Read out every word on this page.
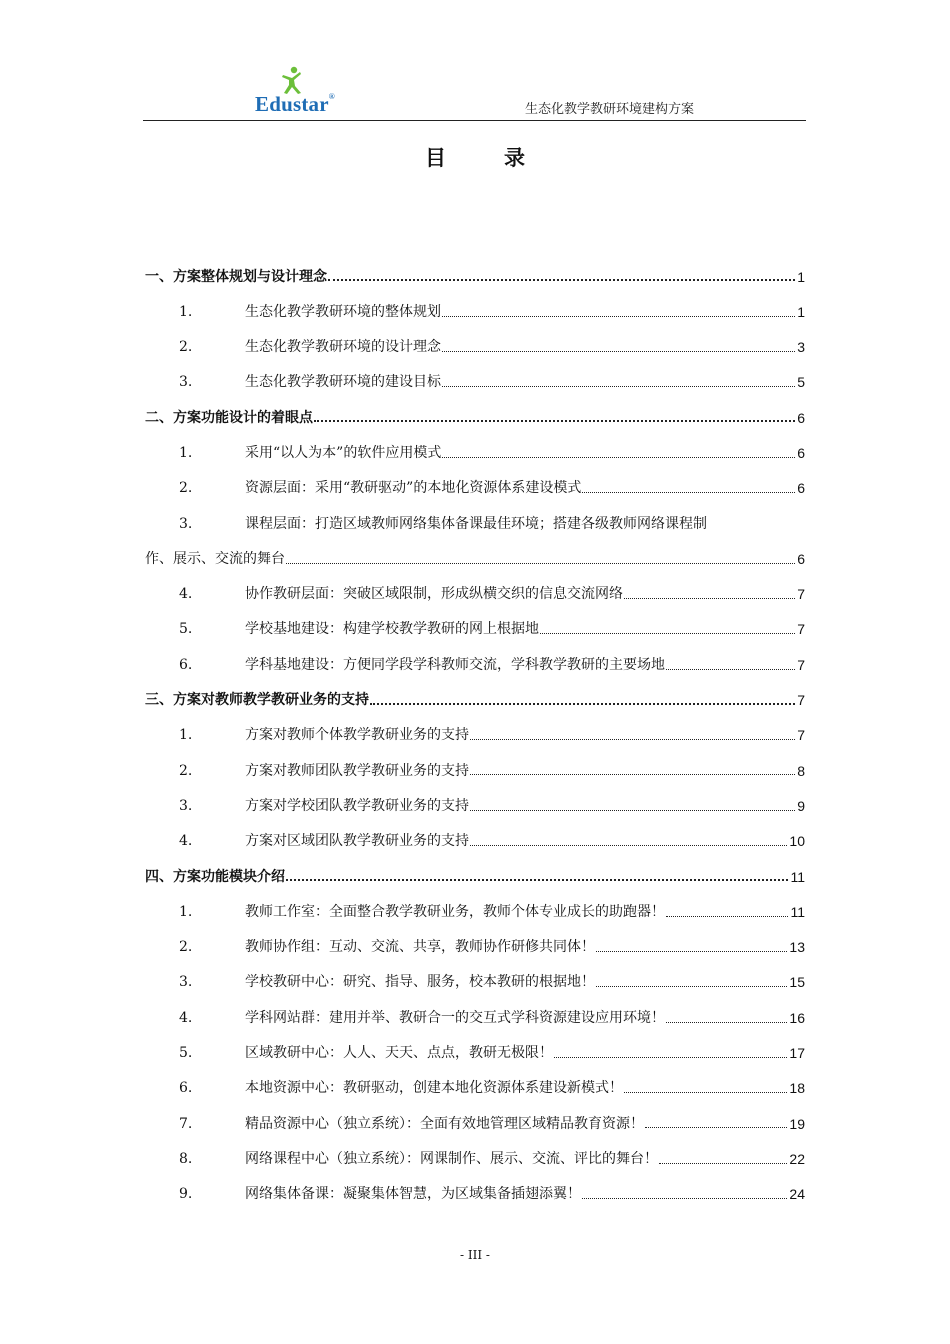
Edustar®
生态化教学教研环境建构方案
目录
一、方案整体规划与设计理念	1
1.	生态化教学教研环境的整体规划	1
2.	生态化教学教研环境的设计理念	3
3.	生态化教学教研环境的建设目标	5
二、方案功能设计的着眼点	6
1.	采用“以人为本”的软件应用模式	6
2.	资源层面：采用“教研驱动”的本地化资源体系建设模式	6
3.	课程层面：打造区域教师网络集体备课最佳环境；搭建各级教师网络课程制
作、展示、交流的舞台	6
4.	协作教研层面：突破区域限制，形成纵横交织的信息交流网络	7
5.	学校基地建设：构建学校教学教研的网上根据地	7
6.	学科基地建设：方便同学段学科教师交流，学科教学教研的主要场地	7
三、方案对教师教学教研业务的支持	7
1.	方案对教师个体教学教研业务的支持	7
2.	方案对教师团队教学教研业务的支持	8
3.	方案对学校团队教学教研业务的支持	9
4.	方案对区域团队教学教研业务的支持	10
四、方案功能模块介绍	11
1.	教师工作室：全面整合教学教研业务，教师个体专业成长的助跑器！	11
2.	教师协作组：互动、交流、共享，教师协作研修共同体！	13
3.	学校教研中心：研究、指导、服务，校本教研的根据地！	15
4.	学科网站群：建用并举、教研合一的交互式学科资源建设应用环境！	16
5.	区域教研中心：人人、天天、点点，教研无极限！	17
6.	本地资源中心：教研驱动，创建本地化资源体系建设新模式！	18
7.	精品资源中心（独立系统）：全面有效地管理区域精品教育资源！	19
8.	网络课程中心（独立系统）：网课制作、展示、交流、评比的舞台！	22
9.	网络集体备课：凝聚集体智慧，为区域集备插翅添翼！	24
- III -
